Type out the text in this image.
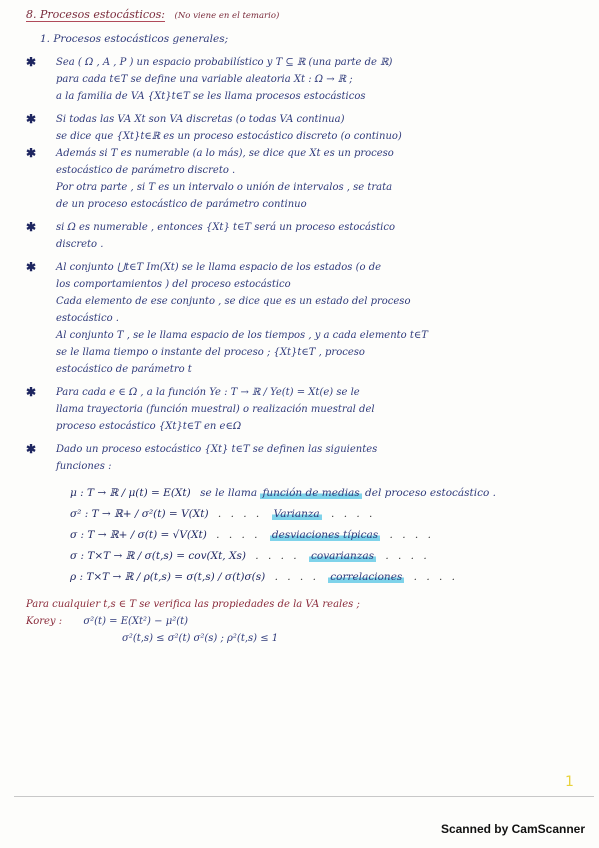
8. Procesos estocásticos: (No viene en el temario)
1. Procesos estocásticos generales;
✱ Sea ( Ω , A , P ) un espacio probabilístico y T ⊆ ℝ (una parte de ℝ)
para cada t∈T se define una variable aleatoria Xt : Ω → ℝ ;
a la familia de VA {Xt}t∈T se les llama procesos estocásticos
✱ Si todas las VA Xt son VA discretas (o todas VA continua)
se dice que {Xt}t∈ℝ es un proceso estocástico discreto (o continuo)
✱ Además si T es numerable (a lo más), se dice que Xt es un proceso
estocástico de parámetro discreto .
Por otra parte , si T es un intervalo o unión de intervalos , se trata
de un proceso estocástico de parámetro continuo
✱ si Ω es numerable , entonces {Xt} t∈T será un proceso estocástico
discreto .
✱ Al conjunto ⋃t∈T Im(Xt) se le llama espacio de los estados (o de
los comportamientos ) del proceso estocástico
Cada elemento de ese conjunto , se dice que es un estado del proceso
estocástico .
Al conjunto T , se le llama espacio de los tiempos , y a cada elemento t∈T
se le llama tiempo o instante del proceso ; {Xt}t∈T , proceso
estocástico de parámetro t
✱ Para cada e ∈ Ω , a la función Ye : T → ℝ / Ye(t) = Xt(e) se le
llama trayectoria (función muestral) o realización muestral del
proceso estocástico {Xt}t∈T en e∈Ω
✱ Dado un proceso estocástico {Xt} t∈T se definen las siguientes
funciones :
μ : T → ℝ / μ(t) = E(Xt) se le llama función de medias del proceso estocástico .
σ² : T → ℝ+ / σ²(t) = V(Xt) . . . . Varianza . . . .
σ : T → ℝ+ / σ(t) = √V(Xt) . . . . desviaciones típicas . . . .
σ : T×T → ℝ / σ(t,s) = cov(Xt, Xs) . . . . covarianzas . . . .
ρ : T×T → ℝ / ρ(t,s) = σ(t,s) / σ(t)σ(s) . . . . correlaciones . . . .
Para cualquier t,s ∈ T se verifica las propiedades de la VA reales ;
Korey : σ²(t) = E(Xt²) − μ²(t)
σ²(t,s) ≤ σ²(t) σ²(s) ; ρ²(t,s) ≤ 1
1
Scanned by CamScanner
